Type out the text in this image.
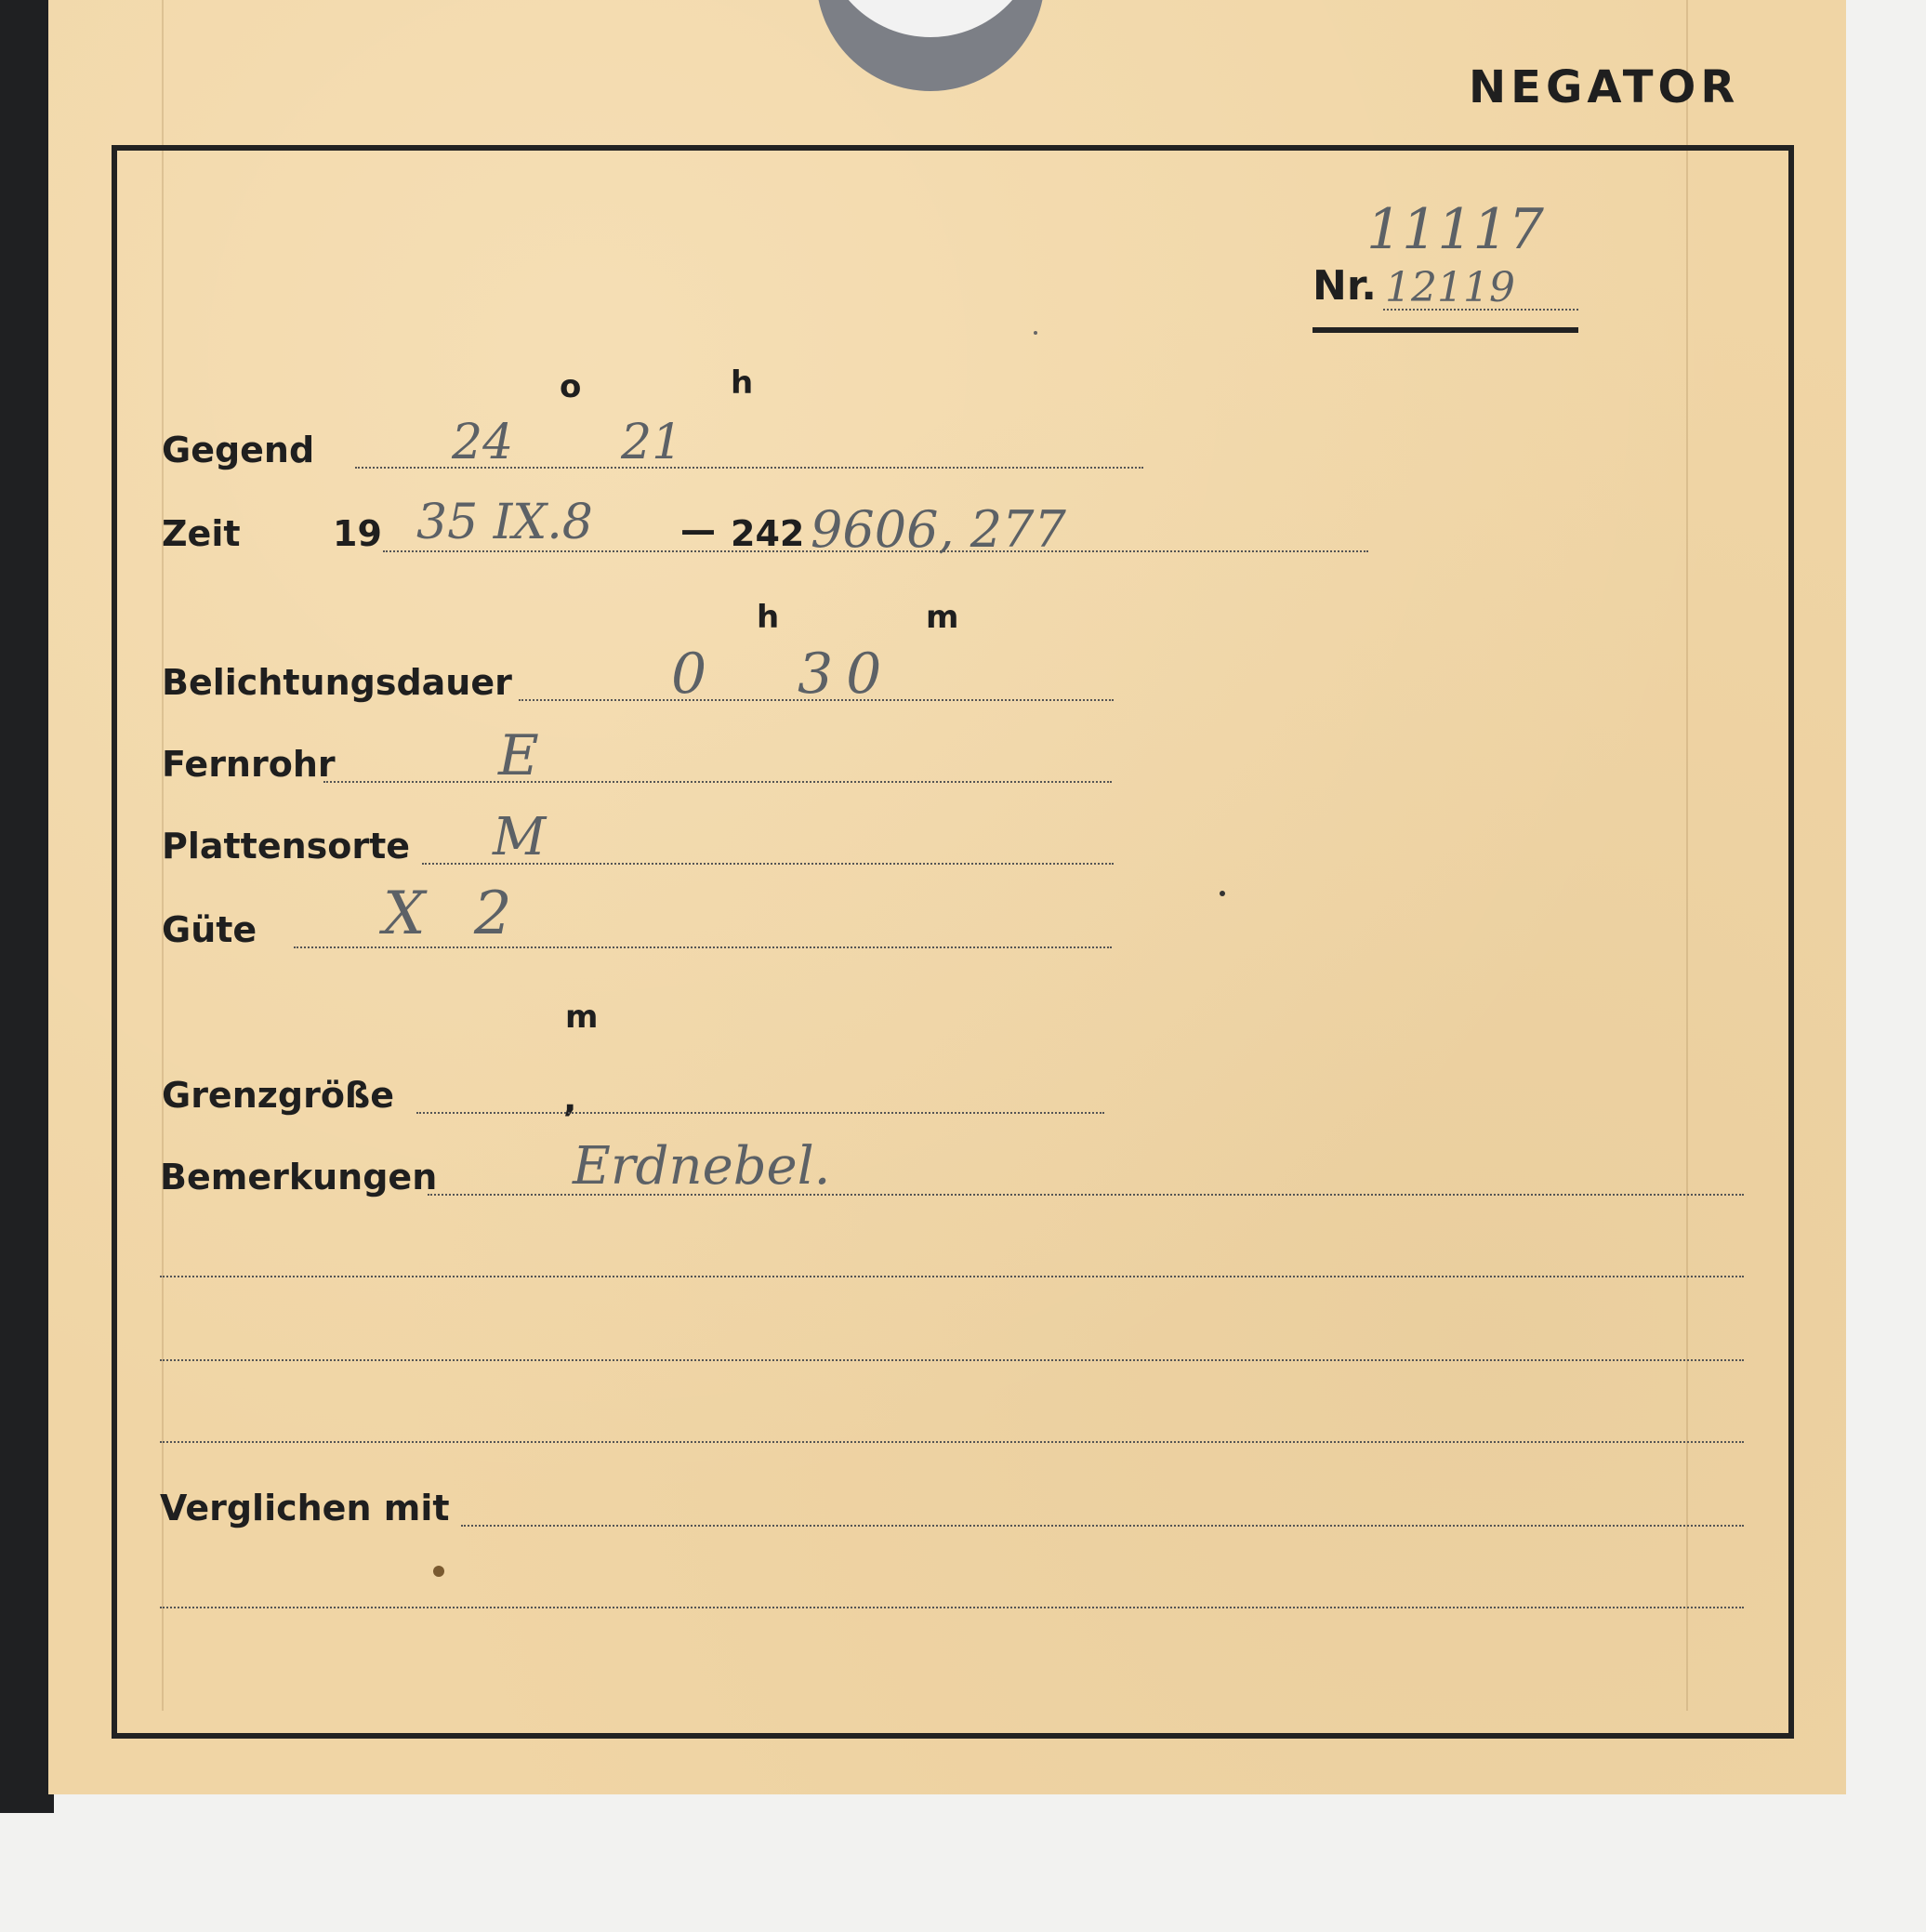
NEGATOR
11117
Nr. 12119
o	h
Gegend	24 21
Zeit	19 35 IX.8 — 242 9606, 277
h	m
Belichtungsdauer	0 30
Fernrohr	E
Plattensorte M
Güte X 2
m
Grenzgröße	,
Bemerkungen	Erdnebel.
Verglichen mit
